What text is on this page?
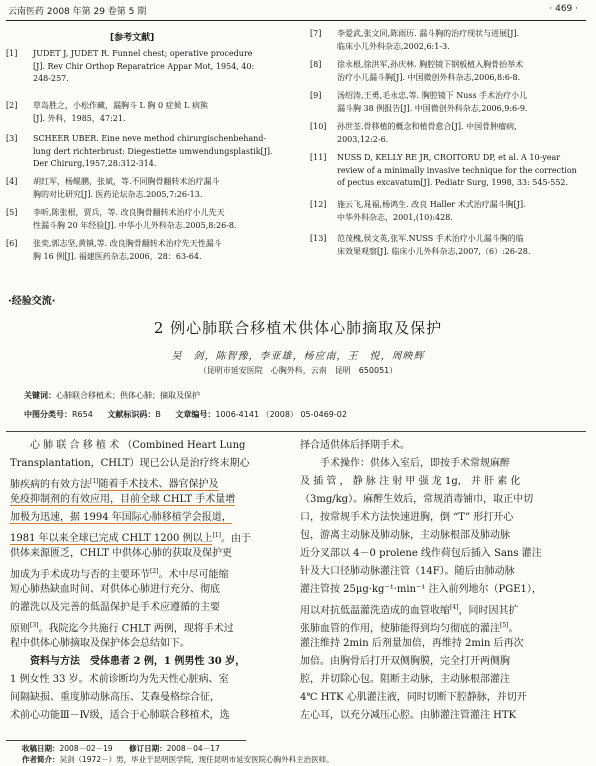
云南医药 2008 年第 29 卷第 5 期	· 469 ·
[参考文献]
[1] JUDET J, JUDET R. Funnel chest; operative procedure
[J]. Rev Chir Orthop Reparatrice Appar Mot, 1954, 40:
248-257.
[2] 草岛胜之，小松作藏，漏胸斗 L 胸 0 症候 L 病熊
[J]. 外科，1985，47:21.
[3] SCHEER UBER. Eine neve method chirurgischenbehand-
lung dert richterbrust: Diegestiette umwendungsplastik[J].
Der Chirurg,1957,28:312-314.
[4] 胡红军，杨鲲鹏，张斌，等.不同胸骨翻转术治疗漏斗
胸的对比研究[J]. 医药论坛杂志.2005,7:26-13.
[5] 李昕,陈张根，贾兵，等. 改良胸骨翻转术治疗小儿先天
性漏斗胸 20 年经验[J]. 中华小儿外科杂志.2005,8:26-8.
[6] 张奕,郭志坚,黄镇,等. 改良胸骨翻转术治疗先天性漏斗
胸 16 例[J]. 福建医药杂志,2006，28：63-64.
[7] 李爱武,张文同,陈雨历. 漏斗胸的治疗现状与进展[J].
临床小儿外科杂志,2002,6:1-3.
[8] 徐永根,徐洪军,孙庆林. 胸腔镜下钢板植入胸骨抬举术
治疗小儿漏斗胸[J]. 中国微创外科杂志,2006,8:6-8.
[9] 汤绍涛,王勇,毛永忠,等. 胸腔镜下 Nuss 手术治疗小儿
漏斗胸 38 例报告[J]. 中国微创外科杂志,2006,9:6-9.
[10] 孙世荃.骨移植的概念和植骨愈合[J]. 中国骨肿瘤病,
2003,12:2-6.
[11] NUSS D, KELLY RE JR, CROITORU DP, et al. A 10-year
review of a minimally invasive technique for the correction
of pectus excavatum[J]. Pediatr Surg, 1998, 33: 545-552.
[12] 施云飞,晁福,杨鸿生. 改良 Haller 术式治疗漏斗胸[J].
中华外科杂志，2001,(10):428.
[13] 范茂槐,侯文英,张军.NUSS 手术治疗小儿漏斗胸的临
床效果观察[J]. 临床小儿外科杂志,2007,（6）:26-28.
·经验交流·
2 例心肺联合移植术供体心肺摘取及保护
吴　剑，陈智豫，李亚雄，杨应南，王　悦，周映辉
（昆明市延安医院　心胸外科，云南　昆明　650051）
关键词：心肺联合移植术；供体心肺；摘取及保护
中图分类号：R654 文献标识码：B 文章编号：1006-4141 （2008） 05-0469-02
　　心 肺 联 合 移 植 术 （Combined Heart Lung
Transplantation，CHLT）现已公认是治疗终末期心
肺疾病的有效方法[1]随着手术技术、器官保护及
免疫抑制剂的有效应用，目前全球 CHLT 手术量增
加极为迅速，据 1994 年国际心肺移植学会报道，
1981 年以来全球已完成 CHLT 1200 例以上[1]。由于
供体来源匮乏，CHLT 中供体心肺的获取及保护更
加成为手术成功与否的主要环节[2]。术中尽可能缩
短心肺热缺血时间、对供体心肺进行充分、彻底
的灌洗以及完善的低温保护是手术应遵循的主要
原则[3]。我院迄今共施行 CHLT 两例，现将手术过
程中供体心肺摘取及保护体会总结如下。
　　资料与方法　受体患者 2 例，1 例男性 30 岁，
1 例女性 33 岁。术前诊断均为先天性心脏病、室
间隔缺损、重度肺动脉高压、艾森曼格综合征，
术前心功能Ⅲ－Ⅳ级，适合于心肺联合移植术，选
择合适供体后择期手术。
　　手术操作：供体入室后，即按手术常规麻醉
及 插 管 ， 静 脉 注 射 甲 强 龙 1g， 并 肝 素 化
（3mg/kg）。麻醉生效后，常规消毒铺巾，取正中切
口，按常规手术方法快速进胸，倒 “T” 形打开心
包，游离主动脉及肺动脉，主动脉根部及肺动脉
近分叉部以 4－0 prolene 线作荷包后插入 Sans 灌注
针及大口径肺动脉灌注管（14F）。随后由肺动脉
灌注管按 25μg·kg⁻¹·min⁻¹ 注入前列地尔（PGE1），
用以对抗低温灌洗造成的血管收缩[4]，同时因其扩
张肺血管的作用，使肺能得到均匀彻底的灌注[5]。
灌注维持 2min 后剂量加倍，再维持 2min 后再次
加倍。由胸骨后打开双侧胸膜，完全打开两侧胸
腔，并切除心包。阻断主动脉，主动脉根部灌注
4℃ HTK 心肌灌注液，同时切断下腔静脉，并切开
左心耳，以充分减压心腔。由肺灌注管灌注 HTK
收稿日期：2008－02－19 修订日期：2008－04－17
作者简介：吴剑（1972－）男，毕业于昆明医学院，现任昆明市延安医院心胸外科主治医师。
